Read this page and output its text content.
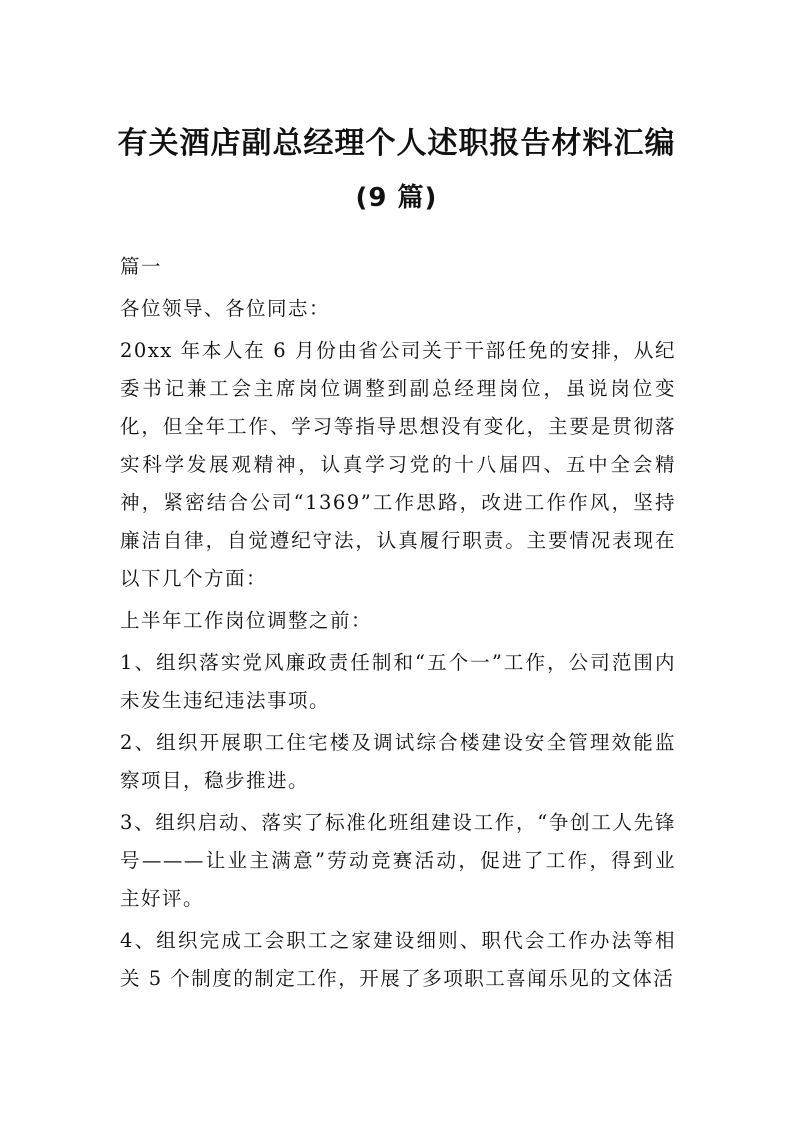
有关酒店副总经理个人述职报告材料汇编
(9 篇)

篇一

各位领导、各位同志：

20xx 年本人在 6 月份由省公司关于干部任免的安排，从纪委书记兼工会主席岗位调整到副总经理岗位，虽说岗位变化，但全年工作、学习等指导思想没有变化，主要是贯彻落实科学发展观精神，认真学习党的十八届四、五中全会精神，紧密结合公司“1369”工作思路，改进工作作风，坚持廉洁自律，自觉遵纪守法，认真履行职责。主要情况表现在以下几个方面：

上半年工作岗位调整之前：

1、组织落实党风廉政责任制和“五个一”工作，公司范围内未发生违纪违法事项。

2、组织开展职工住宅楼及调试综合楼建设安全管理效能监察项目，稳步推进。

3、组织启动、落实了标准化班组建设工作，“争创工人先锋号———让业主满意”劳动竞赛活动，促进了工作，得到业主好评。

4、组织完成工会职工之家建设细则、职代会工作办法等相关 5 个制度的制定工作，开展了多项职工喜闻乐见的文体活
